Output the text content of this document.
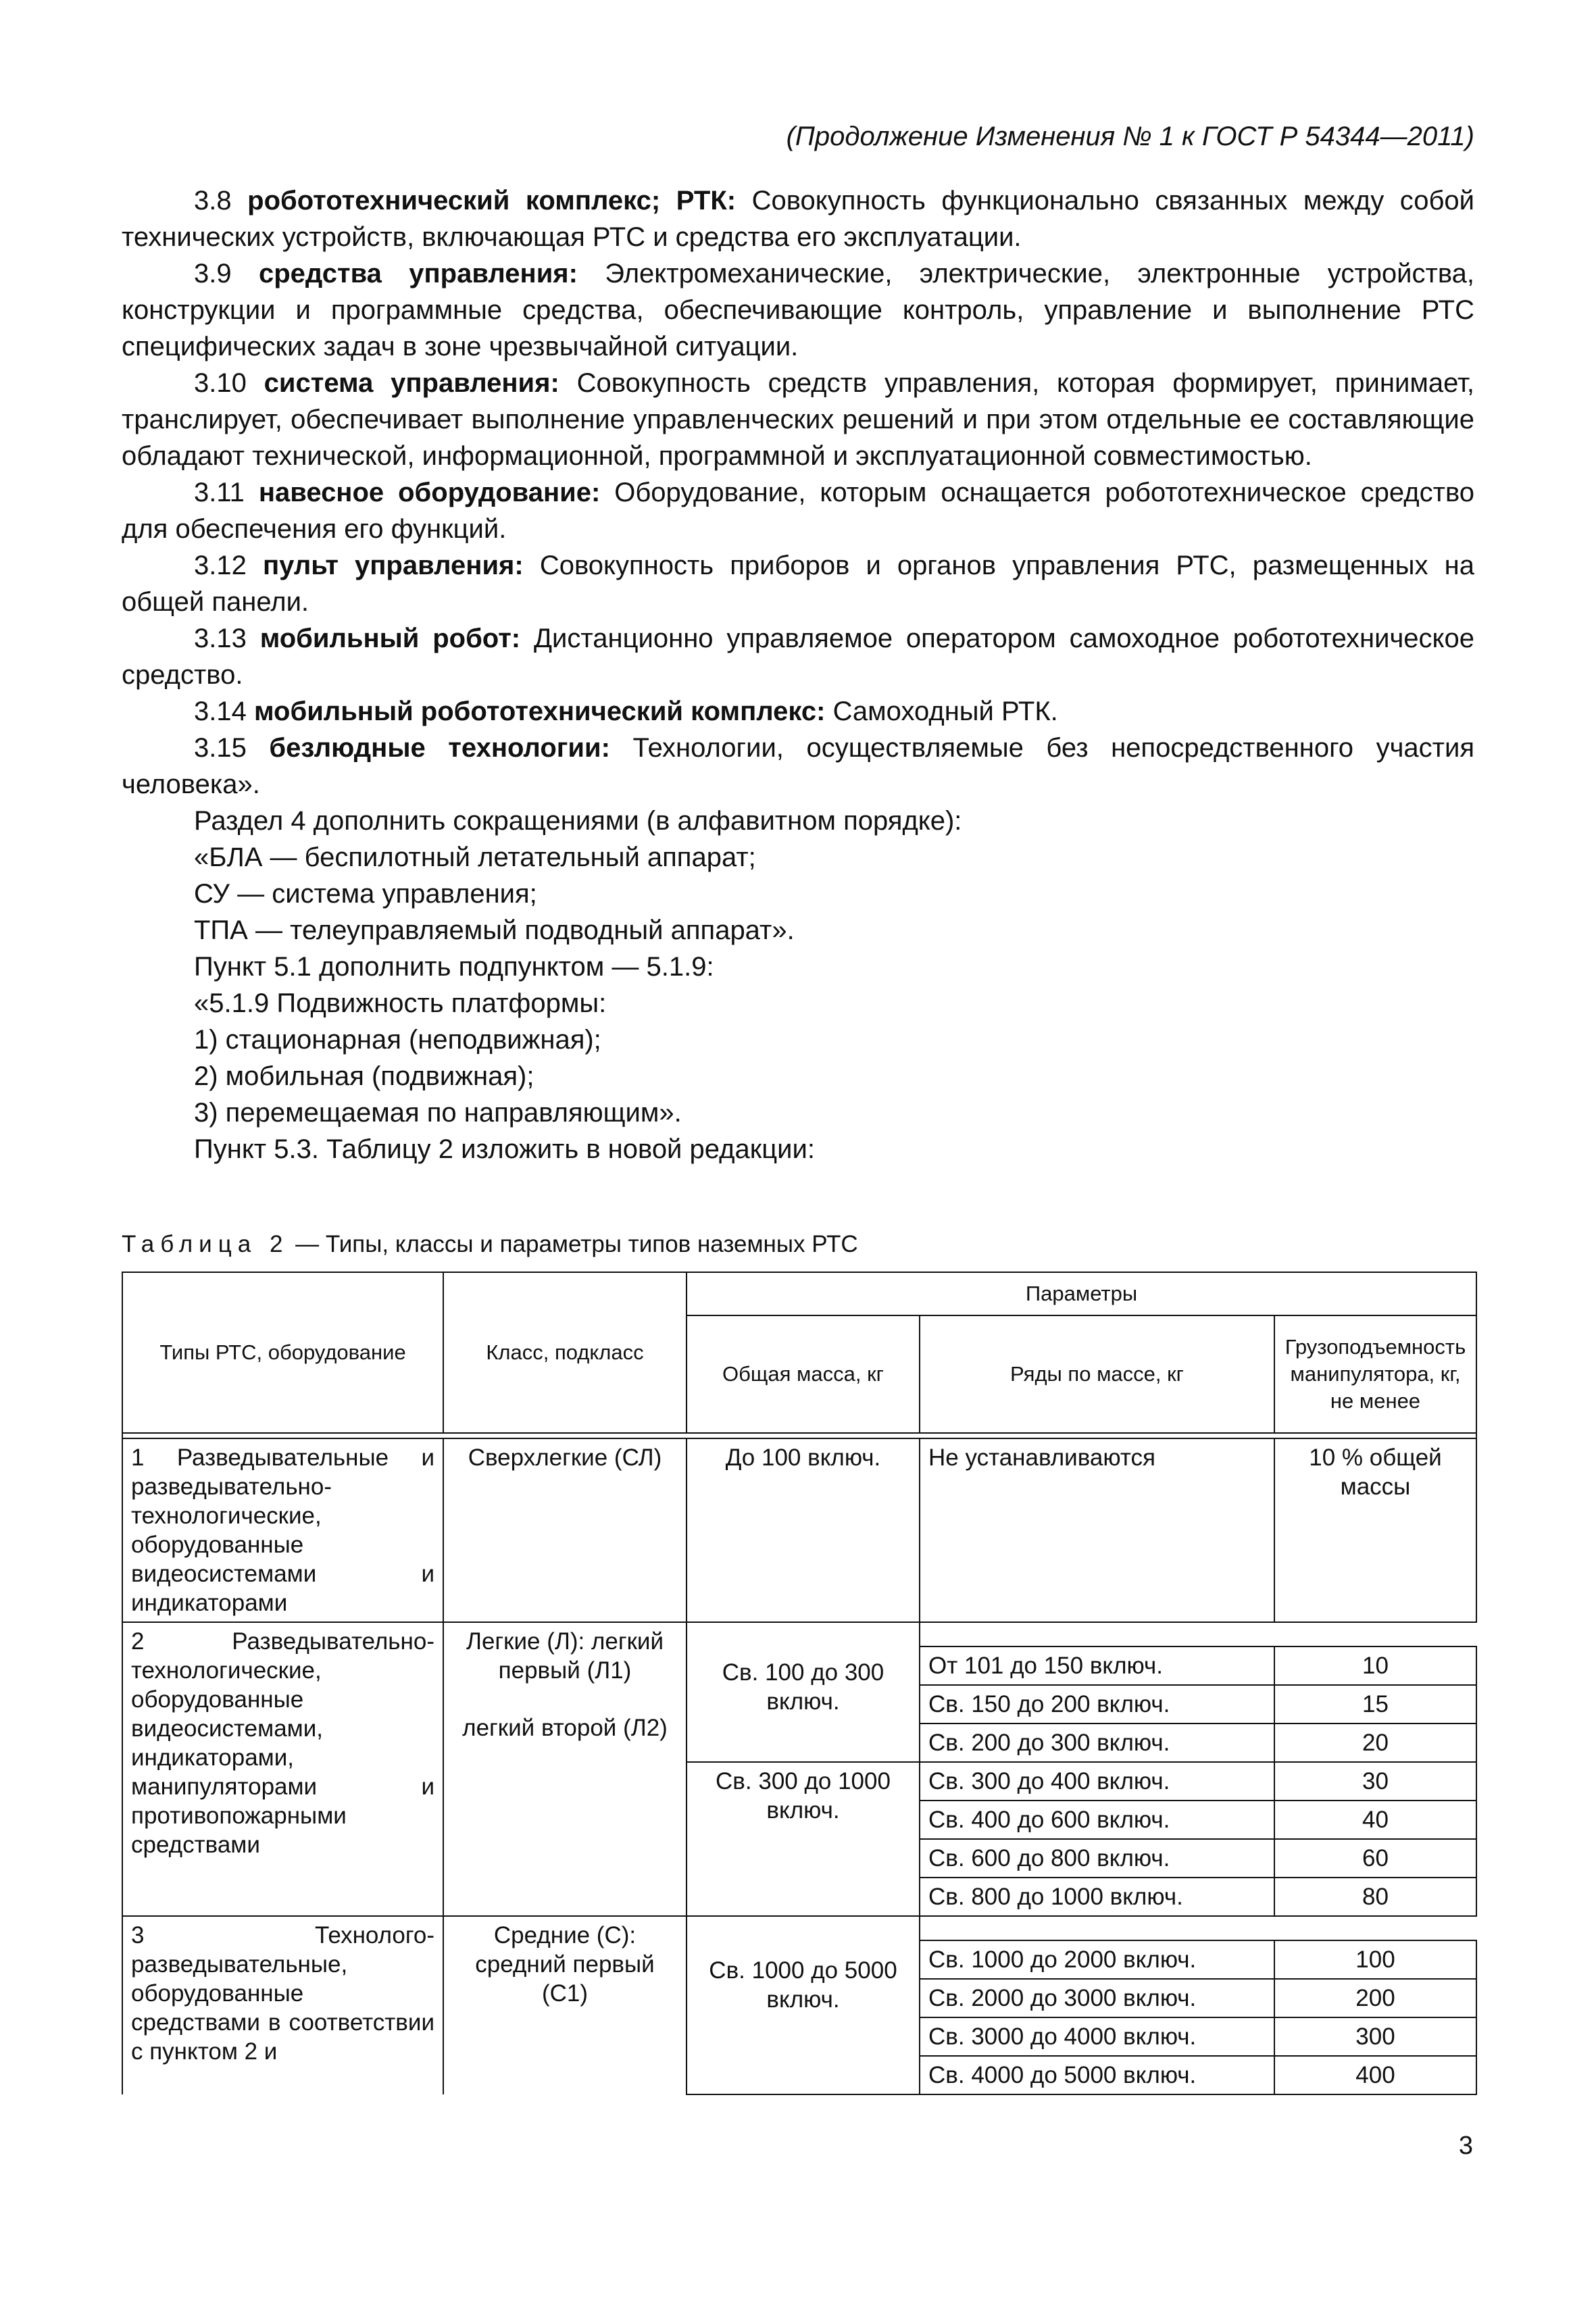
(Продолжение Изменения № 1 к ГОСТ Р 54344—2011)

3.8 робототехнический комплекс; РТК: Совокупность функционально связанных между собой технических устройств, включающая РТС и средства его эксплуатации.

3.9 средства управления: Электромеханические, электрические, электронные устройства, конструкции и программные средства, обеспечивающие контроль, управление и выполнение РТС специфических задач в зоне чрезвычайной ситуации.

3.10 система управления: Совокупность средств управления, которая формирует, принимает, транслирует, обеспечивает выполнение управленческих решений и при этом отдельные ее составляющие обладают технической, информационной, программной и эксплуатационной совместимостью.

3.11 навесное оборудование: Оборудование, которым оснащается робототехническое средство для обеспечения его функций.

3.12 пульт управления: Совокупность приборов и органов управления РТС, размещенных на общей панели.

3.13 мобильный робот: Дистанционно управляемое оператором самоходное робототехническое средство.

3.14 мобильный робототехнический комплекс: Самоходный РТК.

3.15 безлюдные технологии: Технологии, осуществляемые без непосредственного участия человека».

Раздел 4 дополнить сокращениями (в алфавитном порядке):

«БЛА — беспилотный летательный аппарат;

СУ — система управления;

ТПА — телеуправляемый подводный аппарат».

Пункт 5.1 дополнить подпунктом — 5.1.9:

«5.1.9 Подвижность платформы:

1) стационарная (неподвижная);

2) мобильная (подвижная);

3) перемещаемая по направляющим».

Пункт 5.3. Таблицу 2 изложить в новой редакции:

Таблица 2 — Типы, классы и параметры типов наземных РТС
Типы РТС, оборудование	Класс, подкласс	Параметры		
		Общая масса, кг	Ряды по массе, кг	Грузоподъемность манипулятора, кг, не менее

1 Разведывательные и разведывательно-технологические, оборудованные видеосистемами и индикаторами	Сверхлегкие (СЛ)	До 100 включ.	Не устанавливаются	10 % общей массы
2 Разведывательно-технологические, оборудованные видеосистемами, индикаторами, манипуляторами и противопожарными средствами	Легкие (Л): легкий первый (Л1)
легкий второй (Л2)	Св. 100 до 300 включ.		
			От 101 до 150 включ.	10
			Св. 150 до 200 включ.	15
			Св. 200 до 300 включ.	20
		Св. 300 до 1000 включ.	Св. 300 до 400 включ.	30
			Св. 400 до 600 включ.	40
			Св. 600 до 800 включ.	60
			Св. 800 до 1000 включ.	80
3 Технолого-разведывательные, оборудованные средствами в соответствии с пунктом 2 и	Средние (С): средний первый (С1)	Св. 1000 до 5000 включ.		
			Св. 1000 до 2000 включ.	100
			Св. 2000 до 3000 включ.	200
			Св. 3000 до 4000 включ.	300
			Св. 4000 до 5000 включ.	400
3
